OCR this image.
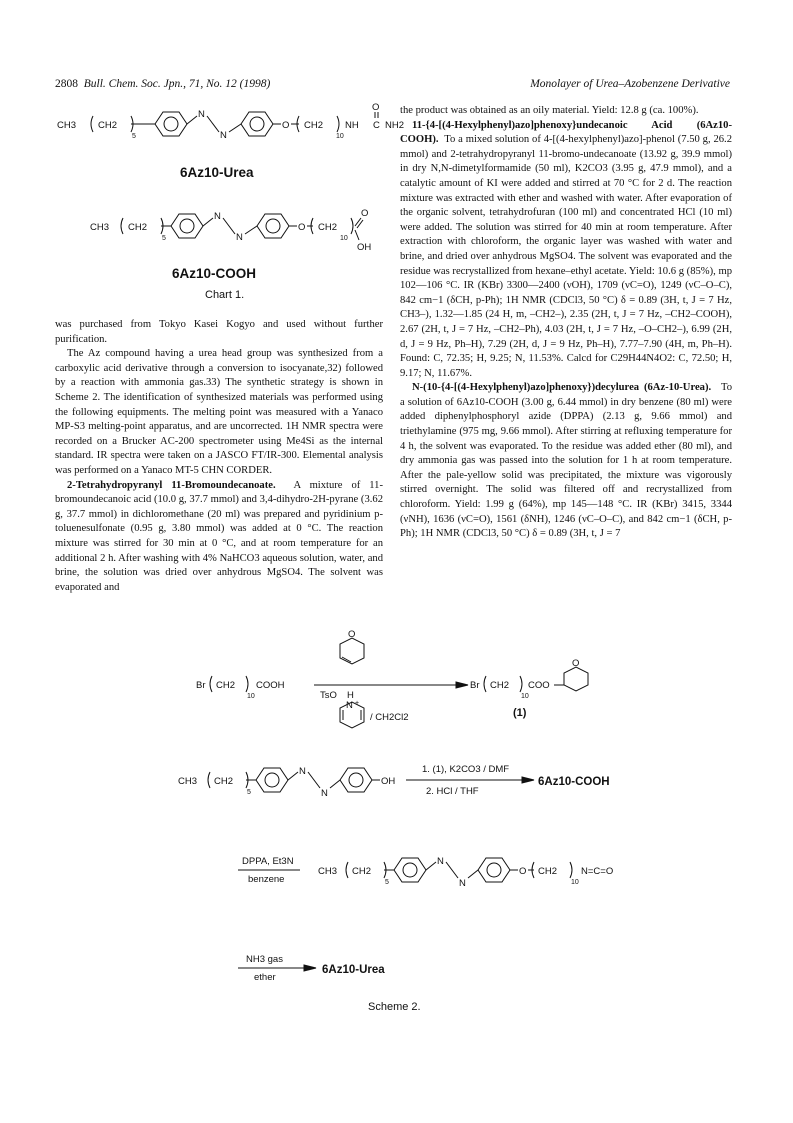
2808 Bull. Chem. Soc. Jpn., 71, No. 12 (1998)	Monolayer of Urea–Azobenzene Derivative
CH3 CH2
5
N
N
O CH2
10
NH
O
C NH2
6Az10-Urea
CH3 CH2
5
N
N
O CH2
10
O
OH
6Az10-COOH
Chart 1.

was purchased from Tokyo Kasei Kogyo and used without further purification.

The Az compound having a urea head group was synthesized from a carboxylic acid derivative through a conversion to isocyanate,32) followed by a reaction with ammonia gas.33) The synthetic strategy is shown in Scheme 2. The identification of synthesized materials was performed using the following equipments. The melting point was measured with a Yanaco MP-S3 melting-point apparatus, and are uncorrected. 1H NMR spectra were recorded on a Brucker AC-200 spectrometer using Me4Si as the internal standard. IR spectra were taken on a JASCO FT/IR-300. Elemental analysis was performed on a Yanaco MT-5 CHN CORDER.

2-Tetrahydropyranyl 11-Bromoundecanoate. A mixture of 11-bromoundecanoic acid (10.0 g, 37.7 mmol) and 3,4-dihydro-2H-pyrane (3.62 g, 37.7 mmol) in dichloromethane (20 ml) was prepared and pyridinium p-toluenesulfonate (0.95 g, 3.80 mmol) was added at 0 °C. The reaction mixture was stirred for 30 min at 0 °C, and at room temperature for an additional 2 h. After washing with 4% NaHCO3 aqueous solution, water, and brine, the solution was dried over anhydrous MgSO4. The solvent was evaporated and

the product was obtained as an oily material. Yield: 12.8 g (ca. 100%).

11-{4-[(4-Hexylphenyl)azo]phenoxy}undecanoic Acid (6Az10-COOH). To a mixed solution of 4-[(4-hexylphenyl)azo]-phenol (7.50 g, 26.2 mmol) and 2-tetrahydropyranyl 11-bromo-undecanoate (13.92 g, 39.9 mmol) in dry N,N-dimetylformamide (50 ml), K2CO3 (3.95 g, 47.9 mmol), and a catalytic amount of KI were added and stirred at 70 °C for 2 d. The reaction mixture was extracted with ether and washed with water. After evaporation of the organic solvent, tetrahydrofuran (100 ml) and concentrated HCl (10 ml) were added. The solution was stirred for 40 min at room temperature. After extraction with chloroform, the organic layer was washed with water and brine, and dried over anhydrous MgSO4. The solvent was evaporated and the residue was recrystallized from hexane–ethyl acetate. Yield: 10.6 g (85%), mp 102—106 °C. IR (KBr) 3300—2400 (νOH), 1709 (νC=O), 1249 (νC–O–C), 842 cm−1 (δCH, p-Ph); 1H NMR (CDCl3, 50 °C) δ = 0.89 (3H, t, J = 7 Hz, CH3–), 1.32—1.85 (24 H, m, –CH2–), 2.35 (2H, t, J = 7 Hz, –CH2–COOH), 2.67 (2H, t, J = 7 Hz, –CH2–Ph), 4.03 (2H, t, J = 7 Hz, –O–CH2–), 6.99 (2H, d, J = 9 Hz, Ph–H), 7.29 (2H, d, J = 9 Hz, Ph–H), 7.77–7.90 (4H, m, Ph–H). Found: C, 72.35; H, 9.25; N, 11.53%. Calcd for C29H44N4O2: C, 72.50; H, 9.17; N, 11.67%.

N-(10-{4-[(4-Hexylphenyl)azo]phenoxy})decylurea (6Az-10-Urea). To a solution of 6Az10-COOH (3.00 g, 6.44 mmol) in dry benzene (80 ml) were added diphenylphosphoryl azide (DPPA) (2.13 g, 9.66 mmol) and triethylamine (975 mg, 9.66 mmol). After stirring at refluxing temperature for 4 h, the solvent was evaporated. To the residue was added ether (80 ml), and dry ammonia gas was passed into the solution for 1 h at room temperature. After the pale-yellow solid was precipitated, the mixture was vigorously stirred overnight. The solid was filtered off and recrystallized from chloroform. Yield: 1.99 g (64%), mp 145—148 °C. IR (KBr) 3415, 3344 (νNH), 1636 (νC=O), 1561 (δNH), 1246 (νC–O–C), and 842 cm−1 (δCH, p-Ph); 1H NMR (CDCl3, 50 °C) δ = 0.89 (3H, t, J = 7

Br CH2
10
COOH
O
TsO H
N +
/ CH2Cl2
Br CH2
10
COO
O
(1)
CH3 CH2
5
N
N
OH
1. (1), K2CO3 / DMF
2. HCl / THF
6Az10-COOH
DPPA, Et3N
benzene
CH3 CH2
5
N
N
O CH2
10
N=C=O
NH3 gas
ether
6Az10-Urea
Scheme 2.
